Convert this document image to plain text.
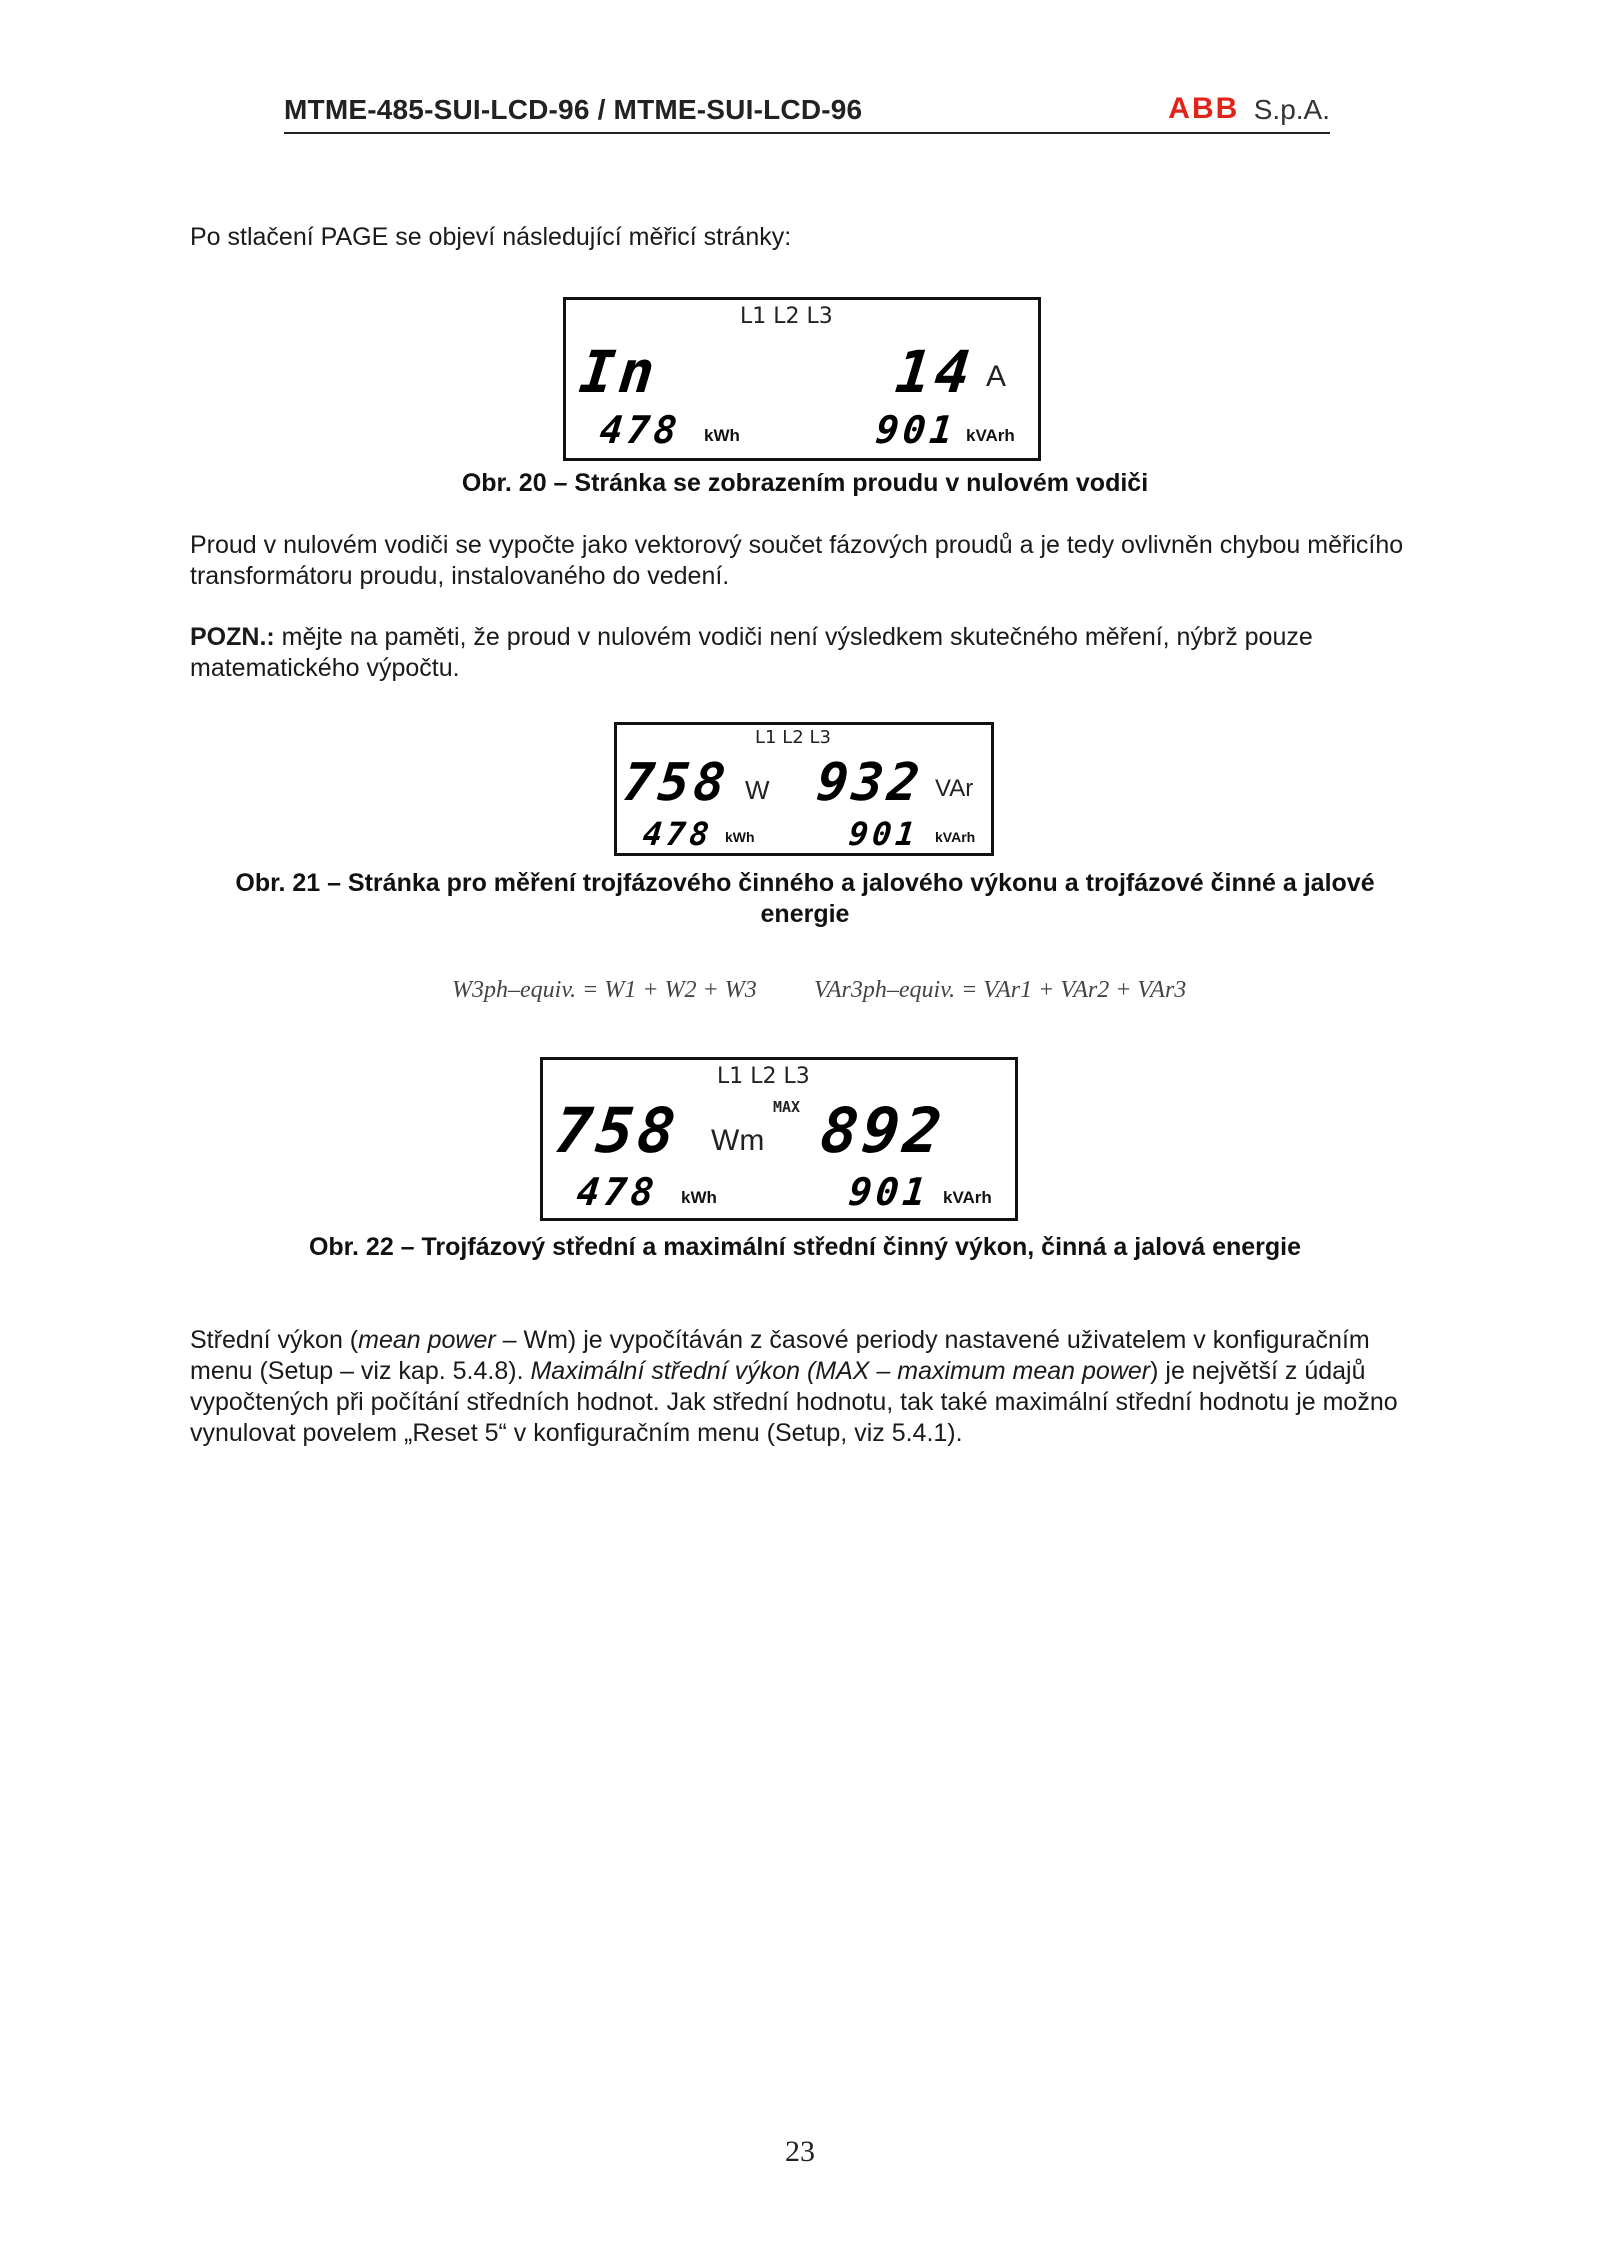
MTME-485-SUI-LCD-96 / MTME-SUI-LCD-96	ABB S.p.A.
Po stlačení PAGE se objeví následující měřicí stránky:
L1 L2 L3
In	14 A
478 kWh	901 kVArh
Obr. 20 – Stránka se zobrazením proudu v nulovém vodiči
Proud v nulovém vodiči se vypočte jako vektorový součet fázových proudů a je tedy ovlivněn chybou měřicího transformátoru proudu, instalovaného do vedení.
POZN.: mějte na paměti, že proud v nulovém vodiči není výsledkem skutečného měření, nýbrž pouze matematického výpočtu.
L1 L2 L3
758 W 932 VAr
478 kWh	901 kVArh
Obr. 21 – Stránka pro měření trojfázového činného a jalového výkonu a trojfázové činné a jalové energie
W3ph–equiv. = W1 + W2 + W3 VAr3ph–equiv. = VAr1 + VAr2 + VAr3
L1 L2 L3
758 Wm
MAX 892
478 kWh	901 kVArh
Obr. 22 – Trojfázový střední a maximální střední činný výkon, činná a jalová energie
Střední výkon (mean power – Wm) je vypočítáván z časové periody nastavené uživatelem v konfiguračním menu (Setup – viz kap. 5.4.8). Maximální střední výkon (MAX – maximum mean power) je největší z údajů vypočtených při počítání středních hodnot. Jak střední hodnotu, tak také maximální střední hodnotu je možno vynulovat povelem „Reset 5“ v konfiguračním menu (Setup, viz 5.4.1).
23
